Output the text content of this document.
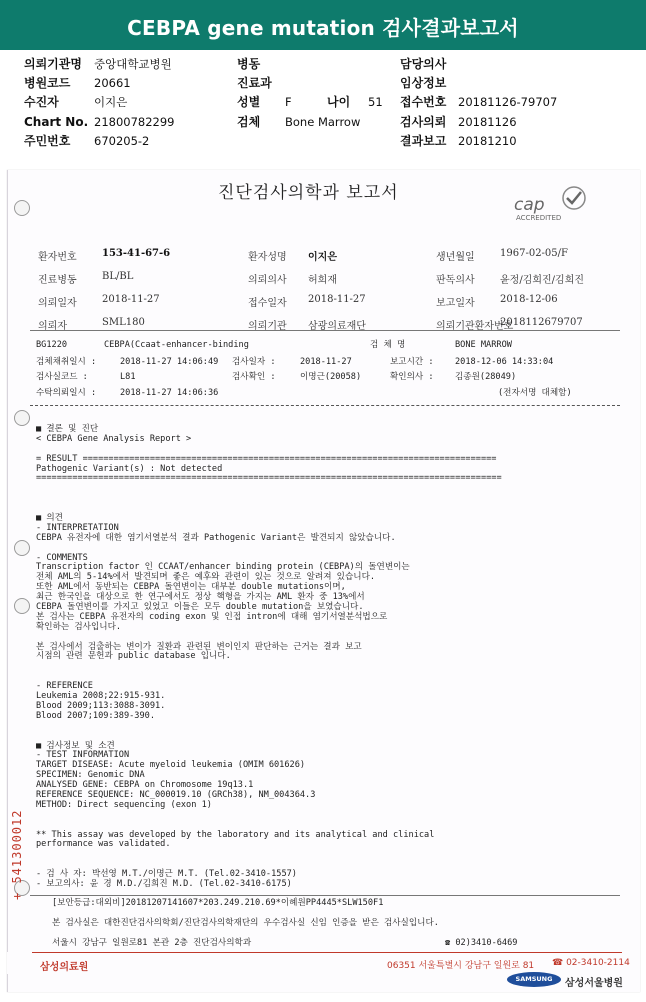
CEBPA gene mutation 검사결과보고서
의뢰기관명 중앙대학교병원
병원코드 20661
수진자	이지은
Chart No. 21800782299
주민번호 670205-2
병동
진료과
성별 F
검체 Bone Marrow
담당의사
임상정보
접수번호 20181126-79707
검사의뢰 20181126
결과보고 20181210
나이 51
진단검사의학과 보고서
cap
ACCREDITED
환자번호	153-41-67-6	환자성명 이지은	생년월일	1967-02-05/F
진료병동	BL/BL	의뢰의사 허희재	판독의사	윤정/김희진/김희진
의뢰일자	2018-11-27	접수일자 2018-11-27	보고일자	2018-12-06
의뢰자	SML180	의뢰기관 삼광의료재단	의뢰기관환자번호
2018112679707
BG1220	CEBPA(Ccaat-enhancer-binding	검 체 명	BONE MARROW
검체채취일시 :	2018-11-27 14:06:49 검사일자 :	2018-11-27	보고시간 : 2018-12-06 14:33:04
검사실코드 :	L81	검사확인 :	이명근(20058)	확인의사 : 김종원(28049)
수탁의뢰일시 :	2018-11-27 14:06:36	(전자서명 대체함)
■ 결론 및 진단
< CEBPA Gene Analysis Report >
= RESULT ================================================================================
Pathogenic Variant(s) : Not detected
==========================================================================================
■ 의견
- INTERPRETATION
CEBPA 유전자에 대한 염기서열분석 결과 Pathogenic Variant은 발견되지 않았습니다.
- COMMENTS
Transcription factor 인 CCAAT/enhancer binding protein (CEBPA)의 돌연변이는
전체 AML의 5-14%에서 발견되며 좋은 예후와 관련이 있는 것으로 알려져 있습니다.
또한 AML에서 동반되는 CEBPA 돌연변이는 대부분 double mutations이며,
최근 한국인을 대상으로 한 연구에서도 정상 핵형을 가지는 AML 환자 중 13%에서
CEBPA 돌연변이를 가지고 있었고 이들은 모두 double mutation을 보였습니다.
본 검사는 CEBPA 유전자의 coding exon 및 인접 intron에 대해 염기서열분석법으로
확인하는 검사입니다.
본 검사에서 검출하는 변이가 질환과 관련된 변이인지 판단하는 근거는 결과 보고
시점의 관련 문헌과 public database 입니다.
- REFERENCE
Leukemia 2008;22:915-931.
Blood 2009;113:3088-3091.
Blood 2007;109:389-390.
■ 검사정보 및 소견
- TEST INFORMATION
TARGET DISEASE: Acute myeloid leukemia (OMIM 601626)
SPECIMEN: Genomic DNA
ANALYSED GENE: CEBPA on Chromosome 19q13.1
REFERENCE SEQUENCE: NC_000019.10 (GRCh38), NM_004364.3
METHOD: Direct sequencing (exon 1)
** This assay was developed by the laboratory and its analytical and clinical
performance was validated.
- 검 사 자: 박선영 M.T./이명근 M.T. (Tel.02-3410-1557)
- 보고의사: 윤 경 M.D./김희진 M.D. (Tel.02-3410-6175)
[보안등급:대외비]20181207141607*203.249.210.69*이혜원PP4445*SLW150F1
본 검사실은 대한진단검사의학회/진단검사의학재단의 우수검사실 신임 인증을 받은 검사실입니다.
서울시 강남구 일원로81 본관 2층 진단검사의학과	☎ 02)3410-6469
+ 541300012
삼성의료원	06351 서울특별시 강남구 일원로 81 ☎ 02-3410-2114
SAMSUNG	삼성서울병원
